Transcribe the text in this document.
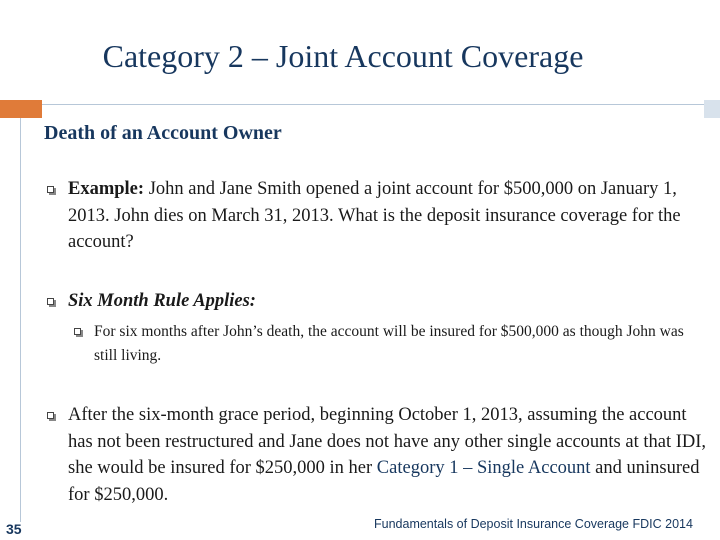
Category 2 – Joint Account Coverage
Death of an Account Owner
Example: John and Jane Smith opened a joint account for $500,000 on January 1, 2013. John dies on March 31, 2013. What is the deposit insurance coverage for the account?
Six Month Rule Applies:
For six months after John’s death, the account will be insured for $500,000 as though John was still living.
After the six-month grace period, beginning October 1, 2013, assuming the account has not been restructured and Jane does not have any other single accounts at that IDI, she would be insured for $250,000 in her Category 1 – Single Account and uninsured for $250,000.
35	Fundamentals of Deposit Insurance Coverage FDIC 2014
